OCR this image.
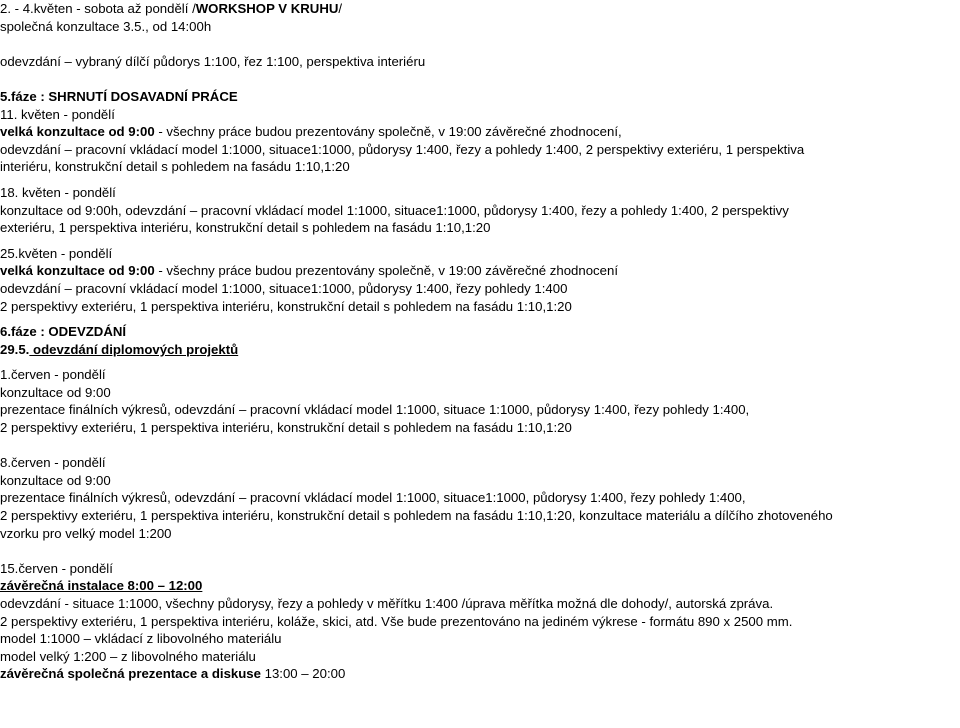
2. - 4.květen - sobota až pondělí /WORKSHOP V KRUHU/

společná konzultace 3.5., od 14:00h

odevzdání – vybraný dílčí půdorys 1:100, řez 1:100, perspektiva interiéru

5.fáze : SHRNUTÍ DOSAVADNÍ PRÁCE

11. květen - pondělí

velká konzultace od 9:00 - všechny práce budou prezentovány společně, v 19:00 závěrečné zhodnocení,

odevzdání – pracovní vkládací model 1:1000, situace1:1000, půdorysy 1:400, řezy a pohledy 1:400, 2 perspektivy exteriéru, 1 perspektiva

interiéru, konstrukční detail s pohledem na fasádu 1:10,1:20

18. květen - pondělí

konzultace od 9:00h, odevzdání – pracovní vkládací model 1:1000, situace1:1000, půdorysy 1:400, řezy a pohledy 1:400, 2 perspektivy

exteriéru, 1 perspektiva interiéru, konstrukční detail s pohledem na fasádu 1:10,1:20

25.květen - pondělí

velká konzultace od 9:00 - všechny práce budou prezentovány společně, v 19:00 závěrečné zhodnocení

odevzdání – pracovní vkládací model 1:1000, situace1:1000, půdorysy 1:400, řezy pohledy 1:400

2 perspektivy exteriéru, 1 perspektiva interiéru, konstrukční detail s pohledem na fasádu 1:10,1:20

6.fáze : ODEVZDÁNÍ

29.5. odevzdání diplomových projektů

1.červen - pondělí

konzultace od 9:00

prezentace finálních výkresů, odevzdání – pracovní vkládací model 1:1000, situace 1:1000, půdorysy 1:400, řezy pohledy 1:400,

2 perspektivy exteriéru, 1 perspektiva interiéru, konstrukční detail s pohledem na fasádu 1:10,1:20

8.červen - pondělí

konzultace od 9:00

prezentace finálních výkresů, odevzdání – pracovní vkládací model 1:1000, situace1:1000, půdorysy 1:400, řezy pohledy 1:400,

2 perspektivy exteriéru, 1 perspektiva interiéru, konstrukční detail s pohledem na fasádu 1:10,1:20, konzultace materiálu a dílčího zhotoveného

vzorku pro velký model 1:200

15.červen - pondělí

závěrečná instalace 8:00 – 12:00

odevzdání - situace 1:1000, všechny půdorysy, řezy a pohledy v měřítku 1:400 /úprava měřítka možná dle dohody/, autorská zpráva.

2 perspektivy exteriéru, 1 perspektiva interiéru, koláže, skici, atd. Vše bude prezentováno na jediném výkrese - formátu 890 x 2500 mm.

model 1:1000 – vkládací z libovolného materiálu

model velký 1:200 – z libovolného materiálu

závěrečná společná prezentace a diskuse 13:00 – 20:00
